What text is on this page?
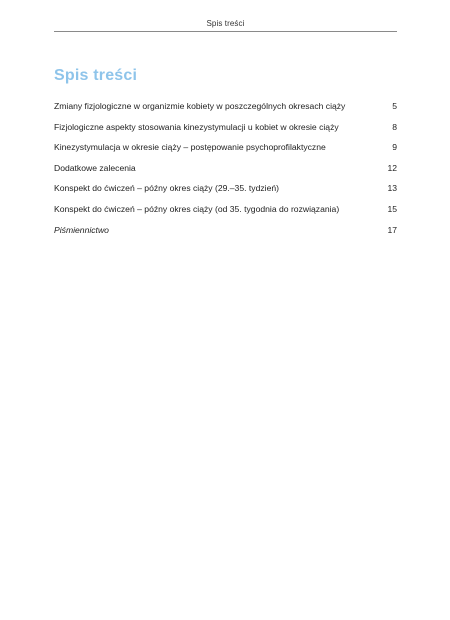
Spis treści
Spis treści
Zmiany fizjologiczne w organizmie kobiety w poszczególnych okresach ciąży	5
Fizjologiczne aspekty stosowania kinezystymulacji u kobiet w okresie ciąży	8
Kinezystymulacja w okresie ciąży – postępowanie psychoprofilaktyczne	9
Dodatkowe zalecenia	12
Konspekt do ćwiczeń – późny okres ciąży (29.–35. tydzień)	13
Konspekt do ćwiczeń – późny okres ciąży (od 35. tygodnia do rozwiązania)	15
Piśmiennictwo	17
